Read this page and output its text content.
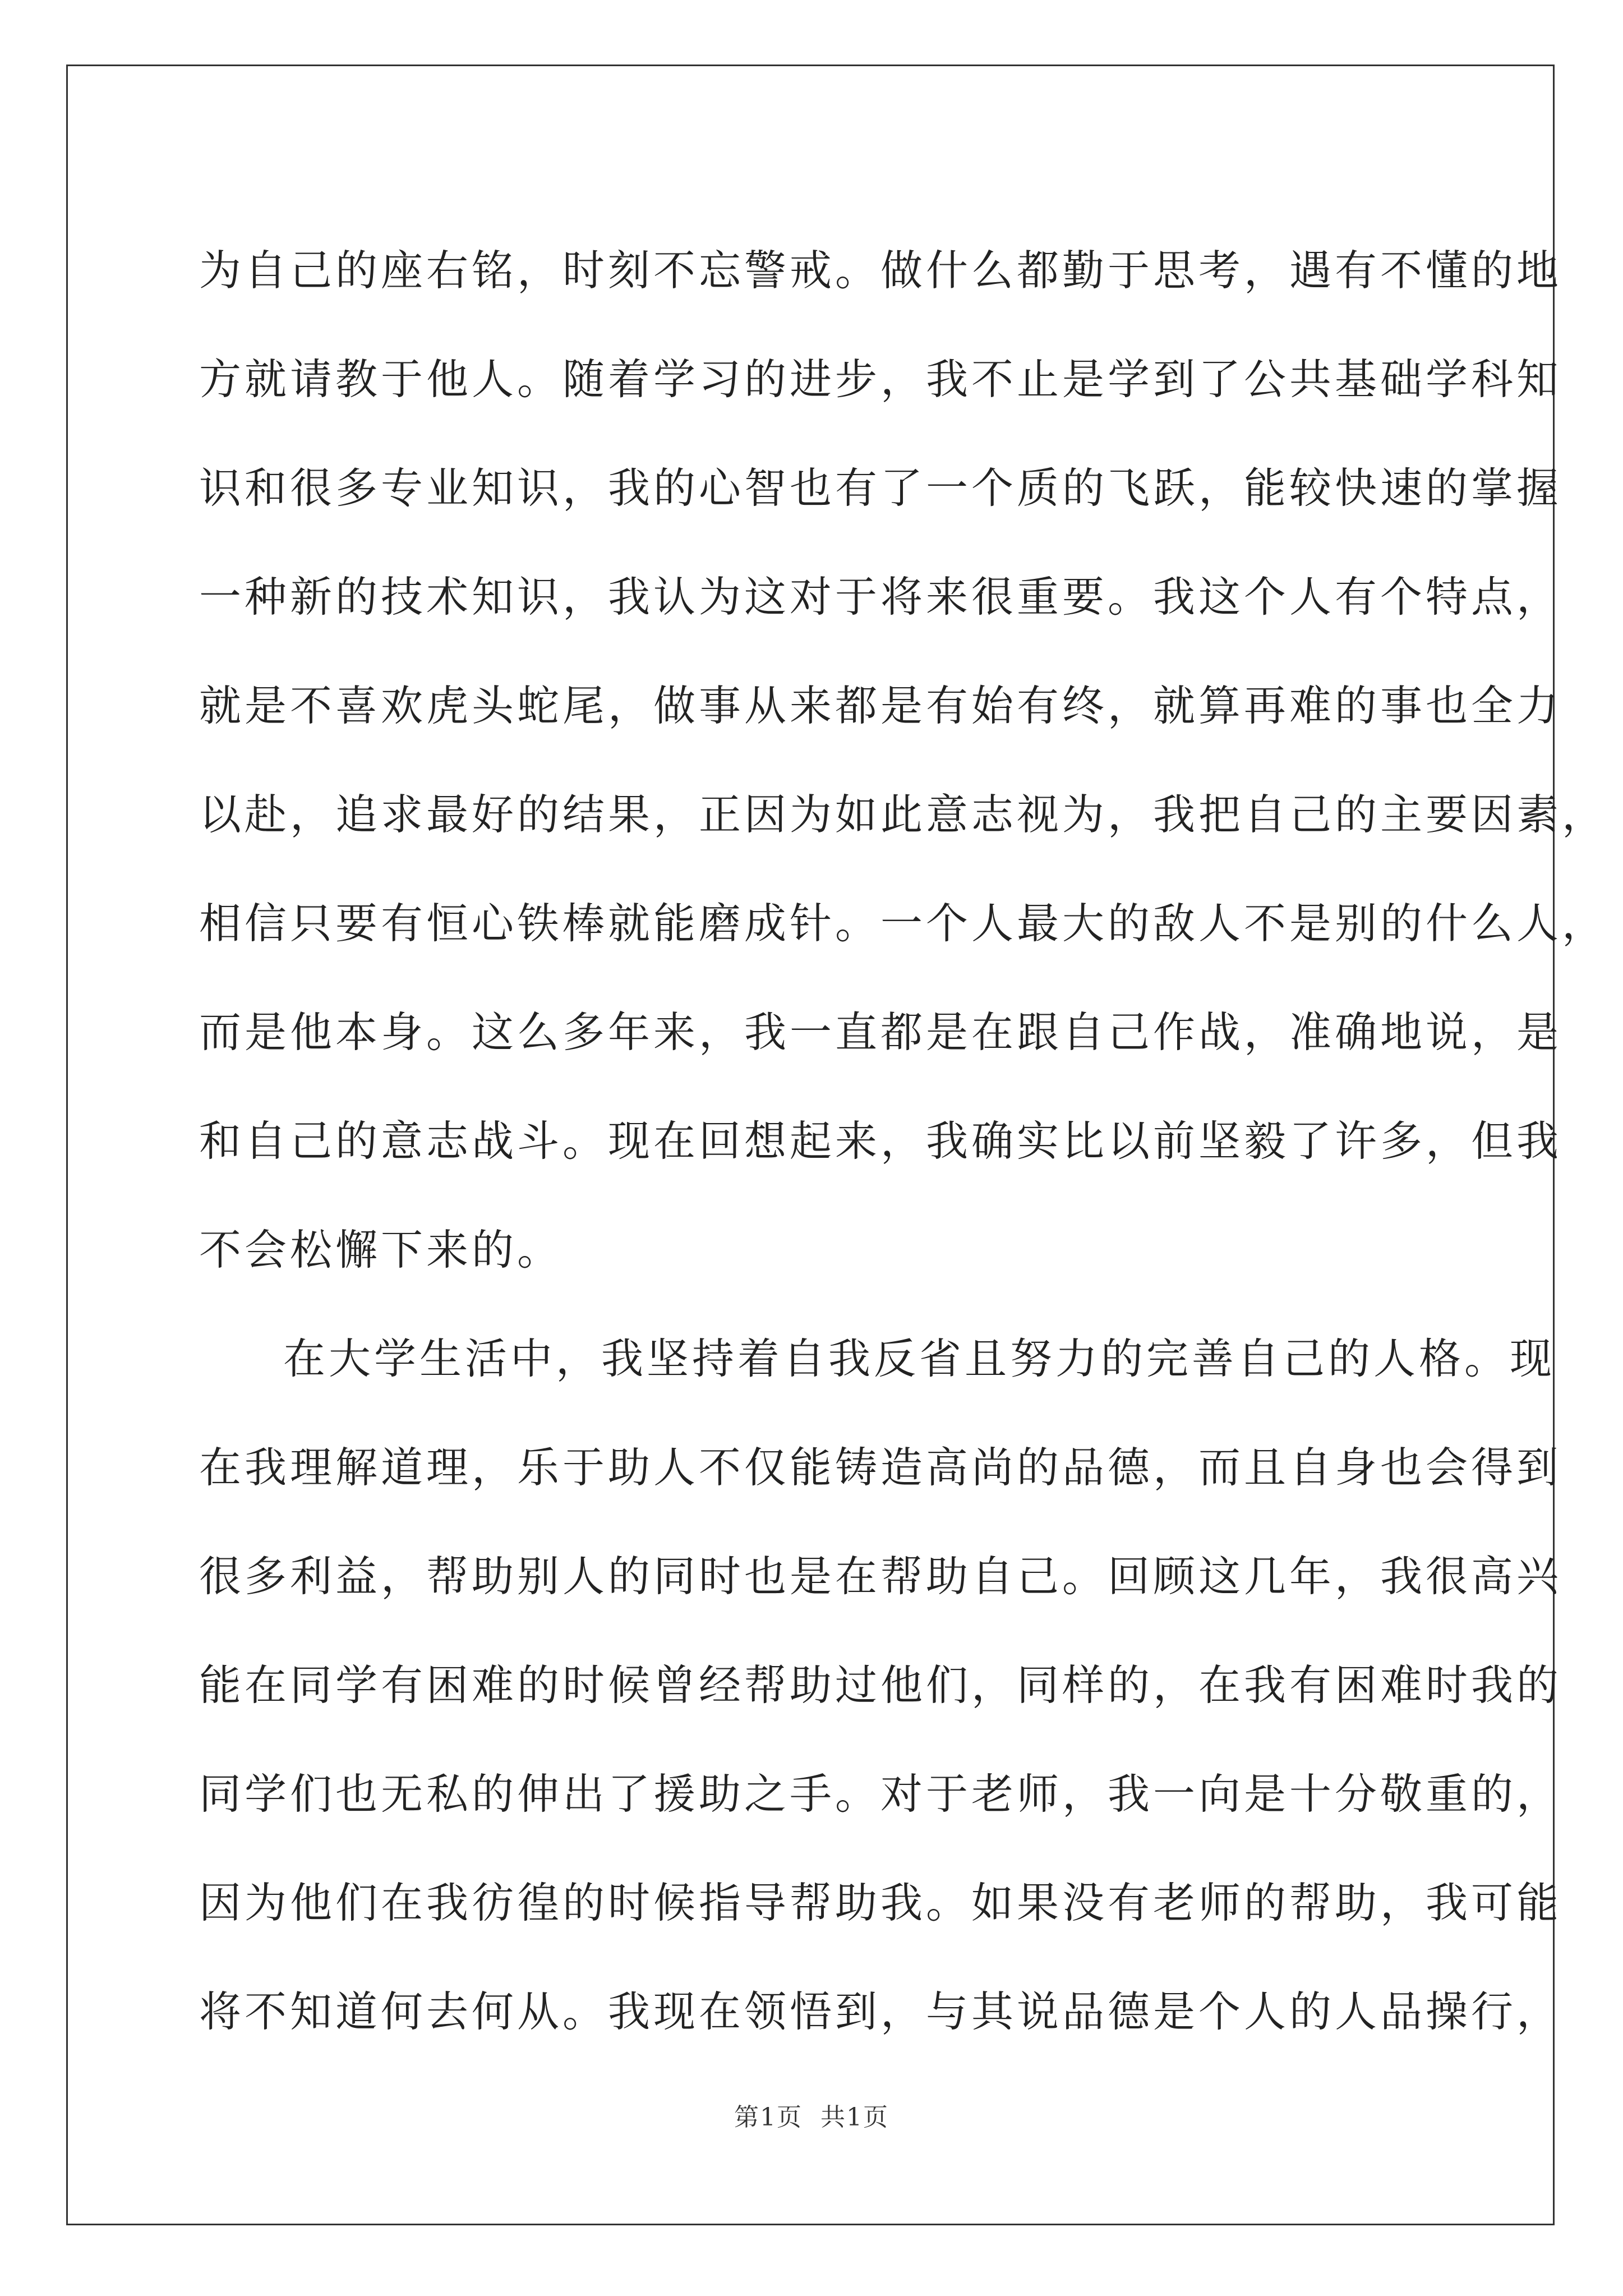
为自己的座右铭，时刻不忘警戒。做什么都勤于思考，遇有不懂的地
方就请教于他人。随着学习的进步，我不止是学到了公共基础学科知
识和很多专业知识，我的心智也有了一个质的飞跃，能较快速的掌握
一种新的技术知识，我认为这对于将来很重要。我这个人有个特点，
就是不喜欢虎头蛇尾，做事从来都是有始有终，就算再难的事也全力
以赴，追求最好的结果，正因为如此意志视为，我把自己的主要因素，
相信只要有恒心铁棒就能磨成针。一个人最大的敌人不是别的什么人，
而是他本身。这么多年来，我一直都是在跟自己作战，准确地说，是
和自己的意志战斗。现在回想起来，我确实比以前坚毅了许多，但我
不会松懈下来的。
在大学生活中，我坚持着自我反省且努力的完善自己的人格。现
在我理解道理，乐于助人不仅能铸造高尚的品德，而且自身也会得到
很多利益，帮助别人的同时也是在帮助自己。回顾这几年，我很高兴
能在同学有困难的时候曾经帮助过他们，同样的，在我有困难时我的
同学们也无私的伸出了援助之手。对于老师，我一向是十分敬重的，
因为他们在我彷徨的时候指导帮助我。如果没有老师的帮助，我可能
将不知道何去何从。我现在领悟到，与其说品德是个人的人品操行，
第1页 共1页
